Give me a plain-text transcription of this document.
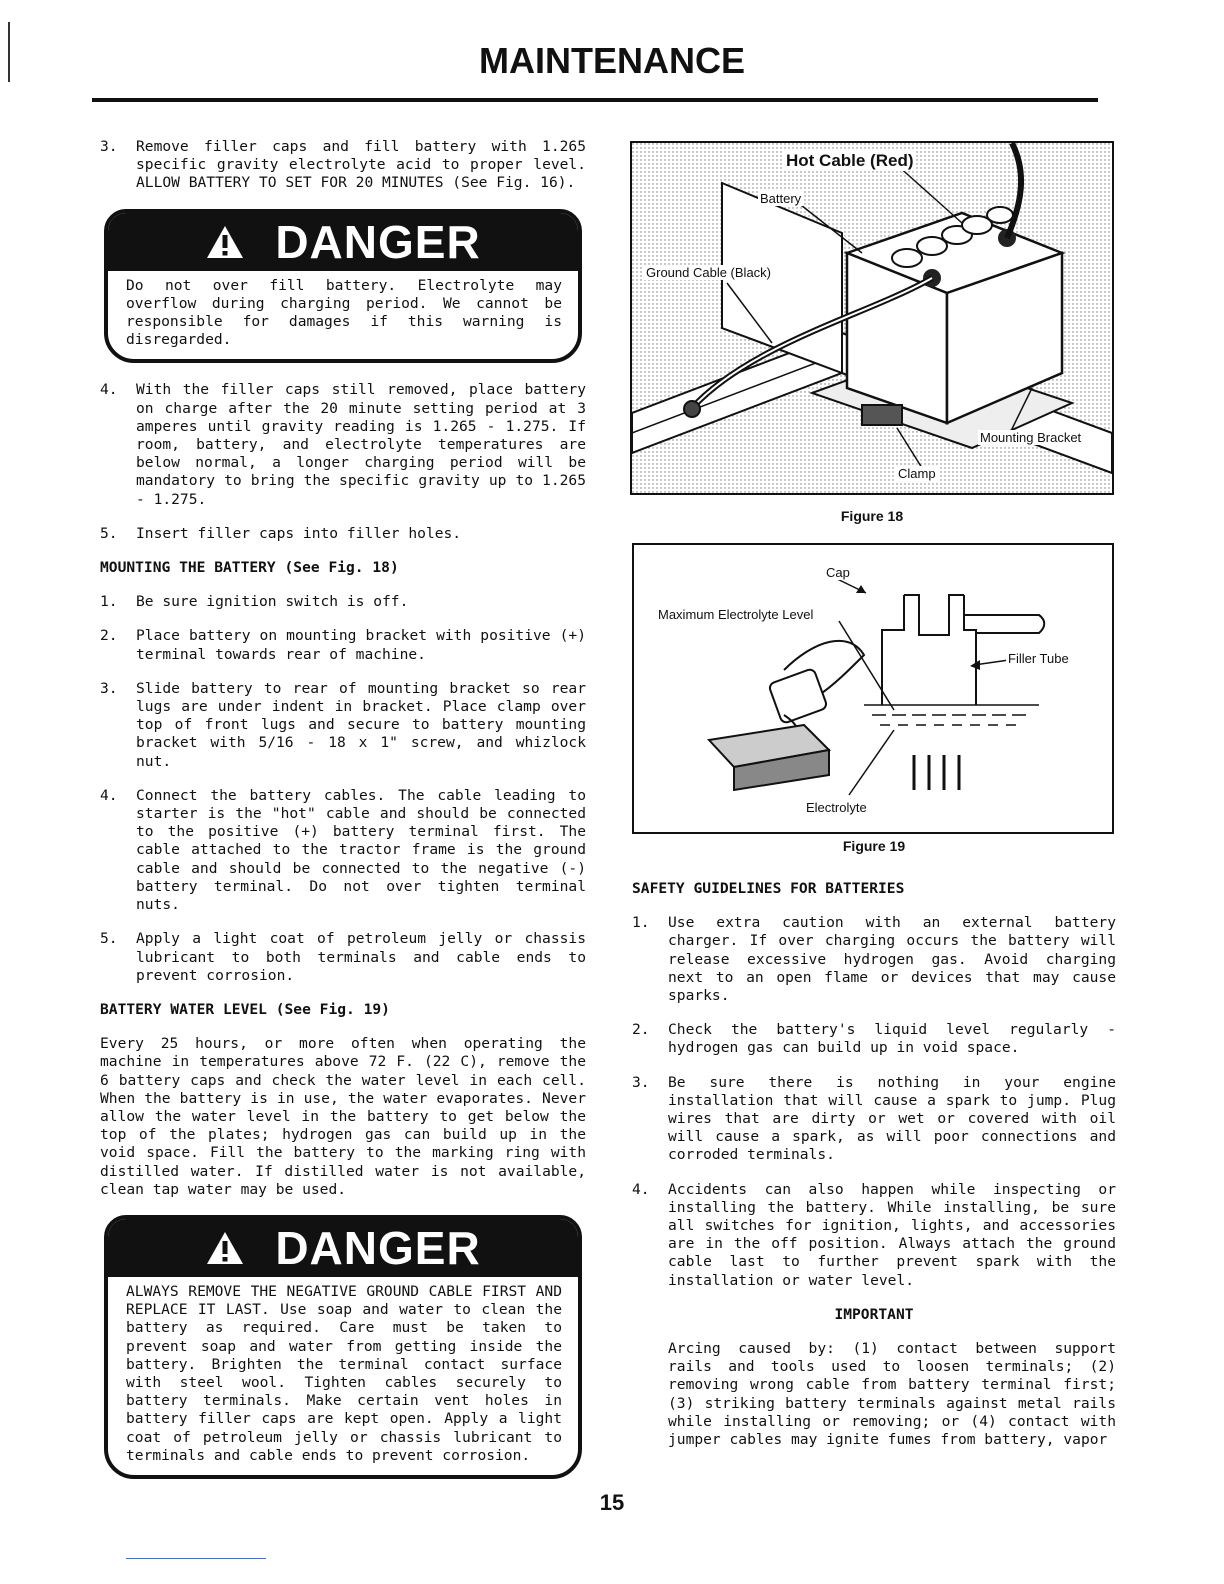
MAINTENANCE
3.	Remove filler caps and fill battery with 1.265 specific gravity electrolyte acid to proper level. ALLOW BATTERY TO SET FOR 20 MINUTES (See Fig. 16).
DANGER
Do not over fill battery. Electrolyte may overflow during charging period. We cannot be responsible for damages if this warning is disregarded.
4.	With the filler caps still removed, place battery on charge after the 20 minute setting period at 3 amperes until gravity reading is 1.265 - 1.275. If room, battery, and electrolyte temperatures are below normal, a longer charging period will be mandatory to bring the specific gravity up to 1.265 - 1.275.
5.	Insert filler caps into filler holes.
MOUNTING THE BATTERY (See Fig. 18)
1.	Be sure ignition switch is off.
2.	Place battery on mounting bracket with positive (+) terminal towards rear of machine.
3.	Slide battery to rear of mounting bracket so rear lugs are under indent in bracket. Place clamp over top of front lugs and secure to battery mounting bracket with 5/16 - 18 x 1" screw, and whizlock nut.
4.	Connect the battery cables. The cable leading to starter is the "hot" cable and should be connected to the positive (+) battery terminal first. The cable attached to the tractor frame is the ground cable and should be connected to the negative (-) battery terminal. Do not over tighten terminal nuts.
5.	Apply a light coat of petroleum jelly or chassis lubricant to both terminals and cable ends to prevent corrosion.
BATTERY WATER LEVEL (See Fig. 19)
Every 25 hours, or more often when operating the machine in temperatures above 72 F. (22 C), remove the 6 battery caps and check the water level in each cell. When the battery is in use, the water evaporates. Never allow the water level in the battery to get below the top of the plates; hydrogen gas can build up in the void space. Fill the battery to the marking ring with distilled water. If distilled water is not available, clean tap water may be used.
DANGER
ALWAYS REMOVE THE NEGATIVE GROUND CABLE FIRST AND REPLACE IT LAST. Use soap and water to clean the battery as required. Care must be taken to prevent soap and water from getting inside the battery. Brighten the terminal contact surface with steel wool. Tighten cables securely to battery terminals. Make certain vent holes in battery filler caps are kept open. Apply a light coat of petroleum jelly or chassis lubricant to terminals and cable ends to prevent corrosion.
Hot Cable (Red)
Battery
Ground Cable (Black)
Mounting Bracket
Clamp
Figure 18
Cap
Maximum Electrolyte Level
Filler Tube
Electrolyte
Figure 19
SAFETY GUIDELINES FOR BATTERIES
1.	Use extra caution with an external battery charger. If over charging occurs the battery will release excessive hydrogen gas. Avoid charging next to an open flame or devices that may cause sparks.
2.	Check the battery's liquid level regularly - hydrogen gas can build up in void space.
3.	Be sure there is nothing in your engine installation that will cause a spark to jump. Plug wires that are dirty or wet or covered with oil will cause a spark, as will poor connections and corroded terminals.
4.	Accidents can also happen while inspecting or installing the battery. While installing, be sure all switches for ignition, lights, and accessories are in the off position. Always attach the ground cable last to further prevent spark with the installation or water level.
IMPORTANT
Arcing caused by: (1) contact between support rails and tools used to loosen terminals; (2) removing wrong cable from battery terminal first; (3) striking battery terminals against metal rails while installing or removing; or (4) contact with jumper cables may ignite fumes from battery, vapor
15
